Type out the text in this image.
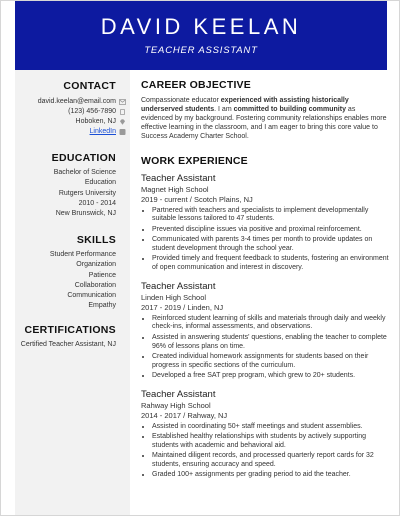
DAVID KEELAN
TEACHER ASSISTANT
CONTACT
david.keelan@email.com
(123) 456-7890
Hoboken, NJ
LinkedIn
EDUCATION
Bachelor of Science
Education
Rutgers University
2010 - 2014
New Brunswick, NJ
SKILLS
Student Performance
Organization
Patience
Collaboration
Communication
Empathy
CERTIFICATIONS
Certified Teacher Assistant, NJ
CAREER OBJECTIVE

Compassionate educator experienced with assisting historically underserved students. I am committed to building community as evidenced by my background. Fostering community relationships enables more effective learning in the classroom, and I am eager to bring this core value to Success Academy Charter School.

WORK EXPERIENCE
Teacher Assistant
Magnet High School
2019 - current / Scotch Plains, NJ
• Partnered with teachers and specialists to implement developmentally suitable lessons tailored to 47 students.
• Prevented discipline issues via positive and proximal reinforcement.
• Communicated with parents 3-4 times per month to provide updates on student development through the school year.
• Provided timely and frequent feedback to students, fostering an environment of open communication and interest in discovery.
Teacher Assistant
Linden High School
2017 - 2019 / Linden, NJ
• Reinforced student learning of skills and materials through daily and weekly check-ins, informal assessments, and observations.
• Assisted in answering students' questions, enabling the teacher to complete 96% of lessons plans on time.
• Created individual homework assignments for students based on their progress in specific sections of the curriculum.
• Developed a free SAT prep program, which grew to 20+ students.
Teacher Assistant
Rahway High School
2014 - 2017 / Rahway, NJ
• Assisted in coordinating 50+ staff meetings and student assemblies.
• Established healthy relationships with students by actively supporting students with academic and behavioral aid.
• Maintained diligent records, and processed quarterly report cards for 32 students, ensuring accuracy and speed.
• Graded 100+ assignments per grading period to aid the teacher.
